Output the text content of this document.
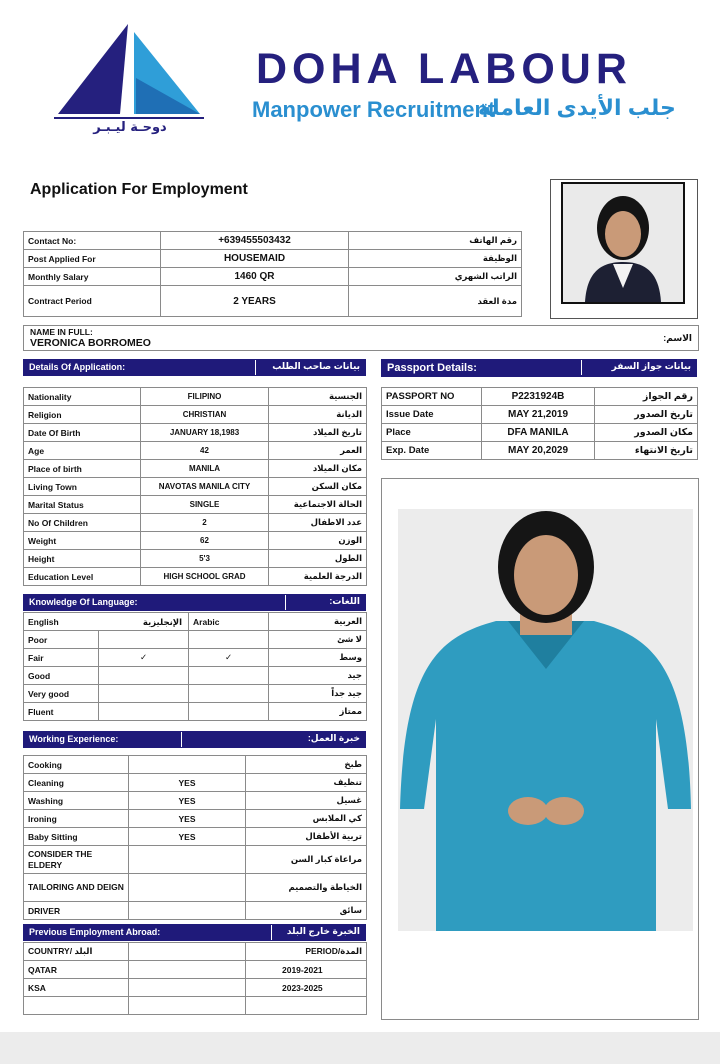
دوحـة ليـبـر
DOHA LABOUR
Manpower Recruitment
جلب الأيدى العاملة
Application For Employment
Contact No:	+639455503432	رقم الهاتف
Post Applied For	HOUSEMAID	الوظيفة
Monthly Salary	1460 QR	الراتب الشهري
Contract Period	2 YEARS	مدة العقد
NAME IN FULL:
VERONICA BORROMEO	الاسم:
Details Of Application:	بيانات صاحب الطلب
Nationality	FILIPINO	الجنسية
Religion	CHRISTIAN	الديانة
Date Of Birth	JANUARY 18,1983	تاريخ الميلاد
Age	42	العمر
Place of birth	MANILA	مكان الميلاد
Living Town	NAVOTAS MANILA CITY	مكان السكن
Marital Status	SINGLE	الحالة الاجتماعية
No Of Children	2	عدد الاطفال
Weight	62	الوزن
Height	5'3	الطول
Education Level	HIGH SCHOOL GRAD	الدرجة العلمية
Passport Details:	بيانات جواز السفر
PASSPORT NO	P2231924B	رقم الجواز
Issue Date	MAY 21,2019	تاريخ الصدور
Place	DFA MANILA	مكان الصدور
Exp. Date	MAY 20,2029	تاريخ الانتهاء
Knowledge Of Language:	اللغات:
English الإنجليزية		Arabic	العربية
Poor			لا شئ
Fair	✓	✓	وسط
Good			جيد
Very good			جيد جداً
Fluent			ممتاز
Working Experience:	خبرة العمل:
Cooking		طبخ
Cleaning	YES	تنظيف
Washing	YES	غسيل
Ironing	YES	كي الملابس
Baby Sitting	YES	تربية الأطفال
CONSIDER THE ELDERY		مراعاة كبار السن
TAILORING AND DEIGN		الخياطة والتصميم
DRIVER		سائق
Previous Employment Abroad:	الخبرة خارج البلد
COUNTRY/ البلد		PERIOD/المدة
QATAR		2019-2021
KSA		2023-2025
